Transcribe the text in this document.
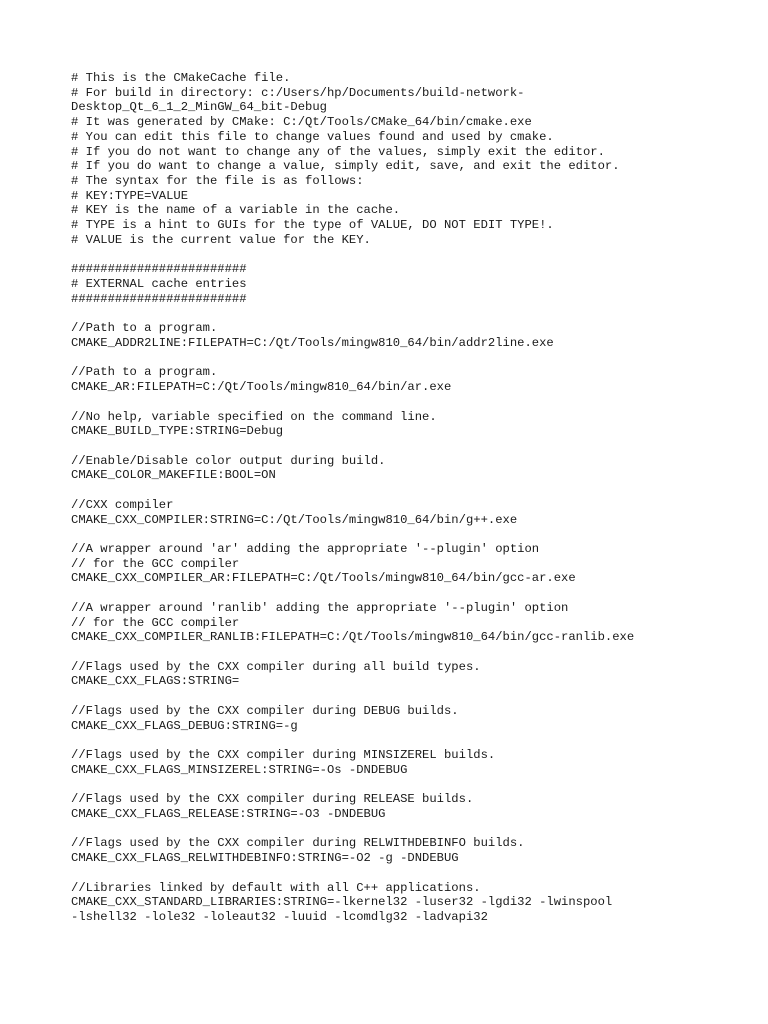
# This is the CMakeCache file.
# For build in directory: c:/Users/hp/Documents/build-network-
Desktop_Qt_6_1_2_MinGW_64_bit-Debug
# It was generated by CMake: C:/Qt/Tools/CMake_64/bin/cmake.exe
# You can edit this file to change values found and used by cmake.
# If you do not want to change any of the values, simply exit the editor.
# If you do want to change a value, simply edit, save, and exit the editor.
# The syntax for the file is as follows:
# KEY:TYPE=VALUE
# KEY is the name of a variable in the cache.
# TYPE is a hint to GUIs for the type of VALUE, DO NOT EDIT TYPE!.
# VALUE is the current value for the KEY.
########################
# EXTERNAL cache entries
########################
//Path to a program.
CMAKE_ADDR2LINE:FILEPATH=C:/Qt/Tools/mingw810_64/bin/addr2line.exe
//Path to a program.
CMAKE_AR:FILEPATH=C:/Qt/Tools/mingw810_64/bin/ar.exe
//No help, variable specified on the command line.
CMAKE_BUILD_TYPE:STRING=Debug
//Enable/Disable color output during build.
CMAKE_COLOR_MAKEFILE:BOOL=ON
//CXX compiler
CMAKE_CXX_COMPILER:STRING=C:/Qt/Tools/mingw810_64/bin/g++.exe
//A wrapper around 'ar' adding the appropriate '--plugin' option
// for the GCC compiler
CMAKE_CXX_COMPILER_AR:FILEPATH=C:/Qt/Tools/mingw810_64/bin/gcc-ar.exe
//A wrapper around 'ranlib' adding the appropriate '--plugin' option
// for the GCC compiler
CMAKE_CXX_COMPILER_RANLIB:FILEPATH=C:/Qt/Tools/mingw810_64/bin/gcc-ranlib.exe
//Flags used by the CXX compiler during all build types.
CMAKE_CXX_FLAGS:STRING=
//Flags used by the CXX compiler during DEBUG builds.
CMAKE_CXX_FLAGS_DEBUG:STRING=-g
//Flags used by the CXX compiler during MINSIZEREL builds.
CMAKE_CXX_FLAGS_MINSIZEREL:STRING=-Os -DNDEBUG
//Flags used by the CXX compiler during RELEASE builds.
CMAKE_CXX_FLAGS_RELEASE:STRING=-O3 -DNDEBUG
//Flags used by the CXX compiler during RELWITHDEBINFO builds.
CMAKE_CXX_FLAGS_RELWITHDEBINFO:STRING=-O2 -g -DNDEBUG
//Libraries linked by default with all C++ applications.
CMAKE_CXX_STANDARD_LIBRARIES:STRING=-lkernel32 -luser32 -lgdi32 -lwinspool
-lshell32 -lole32 -loleaut32 -luuid -lcomdlg32 -ladvapi32
